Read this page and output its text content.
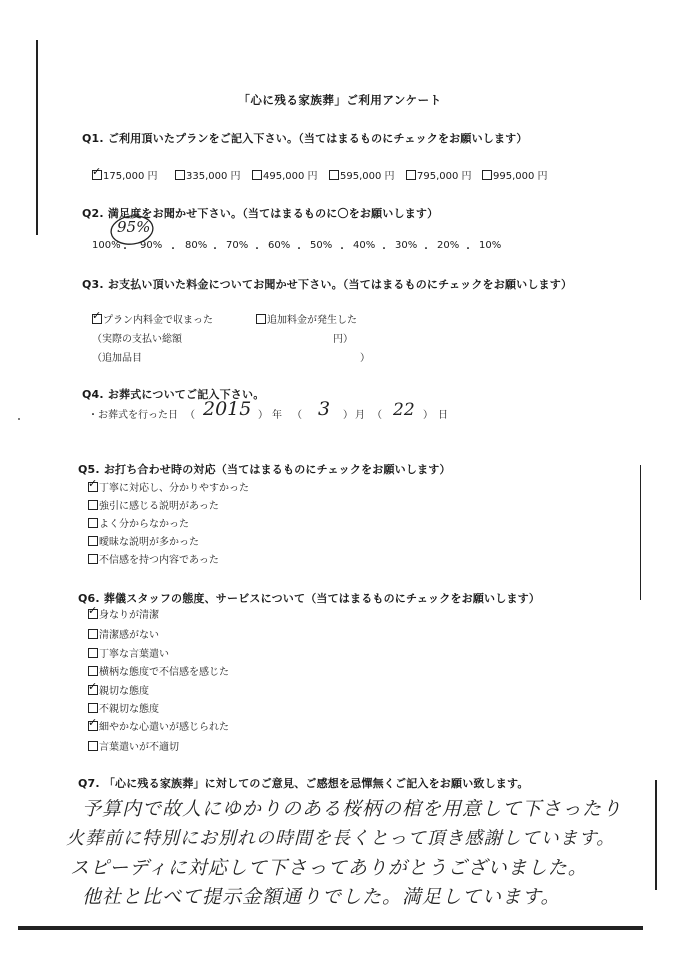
「心に残る家族葬」ご利用アンケート
Q1. ご利用頂いたプランをご記入下さい。（当てはまるものにチェックをお願いします）
✓175,000 円	335,000 円	495,000 円	595,000 円	795,000 円	995,000 円
Q2. 満足度をお聞かせ下さい。（当てはまるものに〇をお願いします）
95%
100% ・ 90% ・ 80% ・ 70% ・ 60% ・ 50% ・ 40% ・ 30% ・ 20% ・ 10%
Q3. お支払い頂いた料金についてお聞かせ下さい。（当てはまるものにチェックをお願いします）
✓プラン内料金で収まった	追加料金が発生した
（実際の支払い総額	円）
（追加品目	）
Q4. お葬式についてご記入下さい。
・お葬式を行った日 （ 2015 ） 年 （ 3 ） 月 （ 22 ） 日
Q5. お打ち合わせ時の対応（当てはまるものにチェックをお願いします）
✓丁寧に対応し、分かりやすかった
強引に感じる説明があった
よく分からなかった
曖昧な説明が多かった
不信感を持つ内容であった
Q6. 葬儀スタッフの態度、サービスについて（当てはまるものにチェックをお願いします）
✓身なりが清潔
清潔感がない
丁寧な言葉遣い
横柄な態度で不信感を感じた
✓親切な態度
不親切な態度
✓細やかな心遣いが感じられた
言葉遣いが不適切
Q7. 「心に残る家族葬」に対してのご意見、ご感想を忌憚無くご記入をお願い致します。
予算内で故人にゆかりのある桜柄の棺を用意して下さったり
火葬前に特別にお別れの時間を長くとって頂き感謝しています。
スピーディに対応して下さってありがとうございました。
他社と比べて提示金額通りでした。満足しています。
